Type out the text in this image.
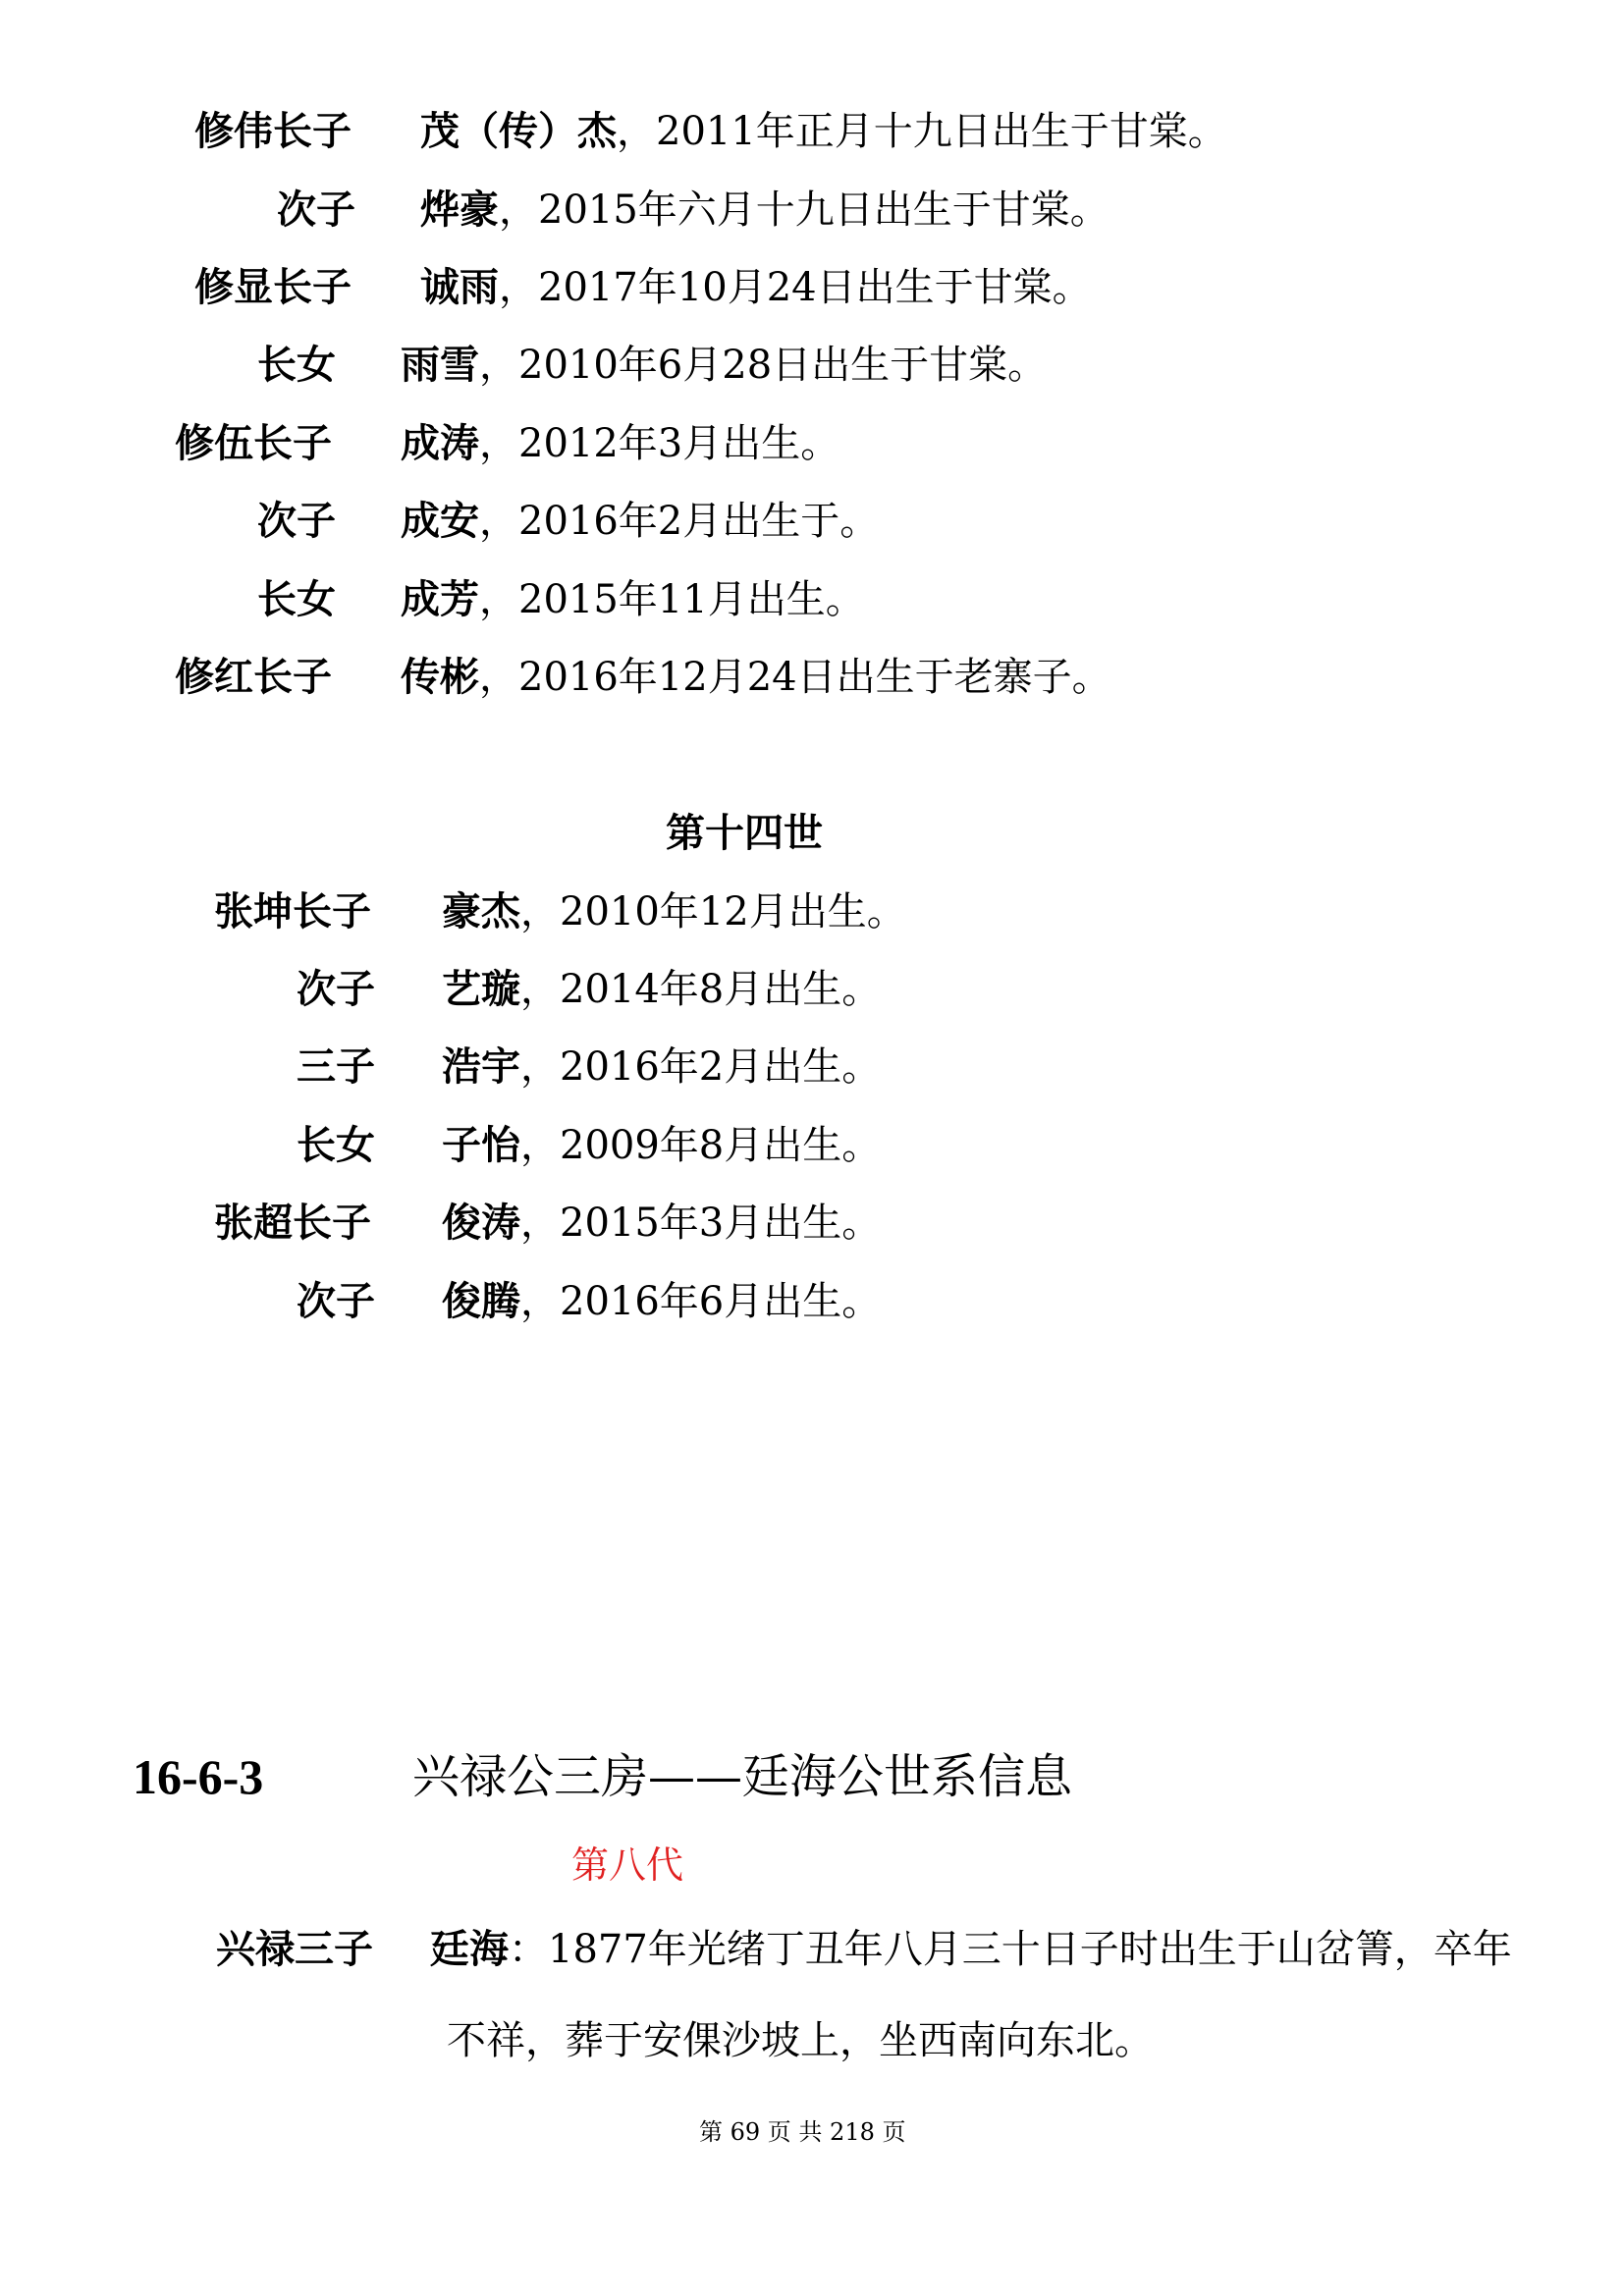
修伟长子 茂（传）杰，2011年正月十九日出生于甘棠。
次子 烨豪，2015年六月十九日出生于甘棠。
修显长子 诚雨，2017年10月24日出生于甘棠。
长女 雨雪，2010年6月28日出生于甘棠。
修伍长子 成涛，2012年3月出生。
次子 成安，2016年2月出生于。
长女 成芳，2015年11月出生。
修红长子 传彬，2016年12月24日出生于老寨子。
第十四世
张坤长子 豪杰，2010年12月出生。
次子 艺璇，2014年8月出生。
三子 浩宇，2016年2月出生。
长女 子怡，2009年8月出生。
张超长子 俊涛，2015年3月出生。
次子 俊腾，2016年6月出生。
16-6-3	兴禄公三房——廷海公世系信息
第八代
兴禄三子 廷海：1877年光绪丁丑年八月三十日子时出生于山岔箐，卒年
不祥，葬于安倮沙坡上，坐西南向东北。
第 69 页 共 218 页
